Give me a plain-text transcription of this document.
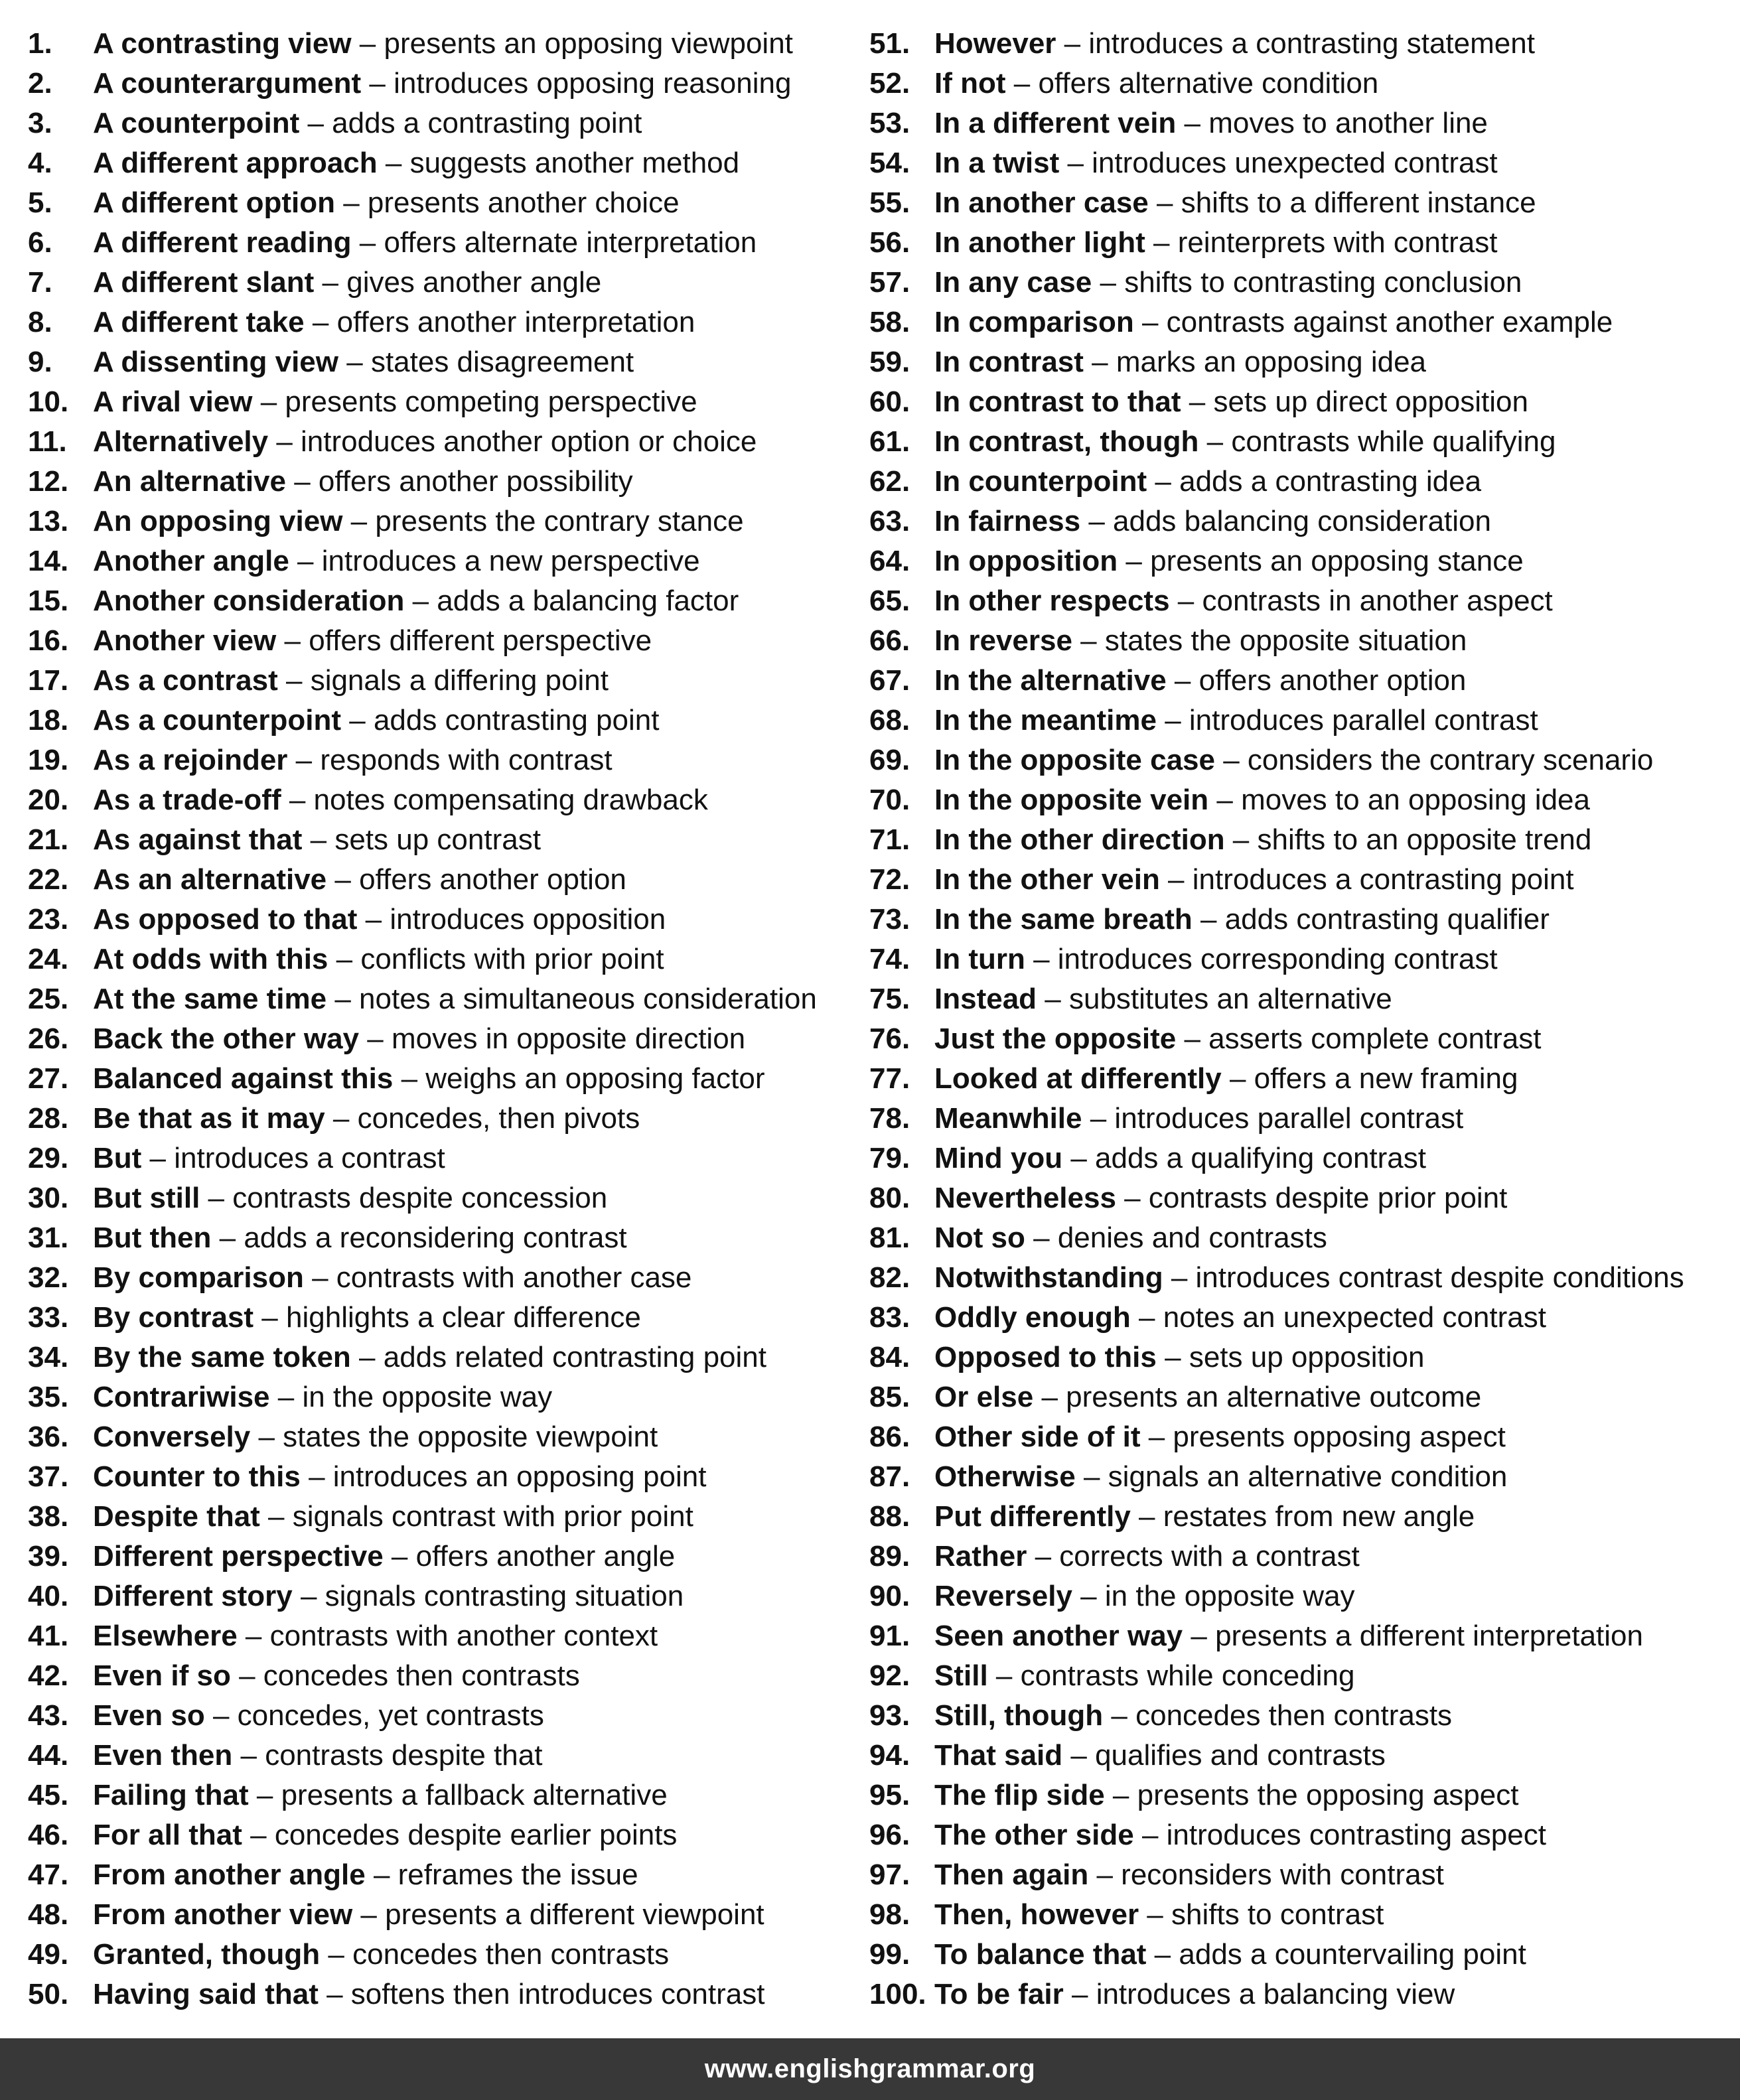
1.	A contrasting view – presents an opposing viewpoint
2.	A counterargument – introduces opposing reasoning
3.	A counterpoint – adds a contrasting point
4.	A different approach – suggests another method
5.	A different option – presents another choice
6.	A different reading – offers alternate interpretation
7.	A different slant – gives another angle
8.	A different take – offers another interpretation
9.	A dissenting view – states disagreement
10. A rival view – presents competing perspective
11. Alternatively – introduces another option or choice
12. An alternative – offers another possibility
13. An opposing view – presents the contrary stance
14. Another angle – introduces a new perspective
15. Another consideration – adds a balancing factor
16. Another view – offers different perspective
17. As a contrast – signals a differing point
18. As a counterpoint – adds contrasting point
19. As a rejoinder – responds with contrast
20. As a trade-off – notes compensating drawback
21. As against that – sets up contrast
22. As an alternative – offers another option
23. As opposed to that – introduces opposition
24. At odds with this – conflicts with prior point
25. At the same time – notes a simultaneous consideration
26. Back the other way – moves in opposite direction
27. Balanced against this – weighs an opposing factor
28. Be that as it may – concedes, then pivots
29. But – introduces a contrast
30. But still – contrasts despite concession
31. But then – adds a reconsidering contrast
32. By comparison – contrasts with another case
33. By contrast – highlights a clear difference
34. By the same token – adds related contrasting point
35. Contrariwise – in the opposite way
36. Conversely – states the opposite viewpoint
37. Counter to this – introduces an opposing point
38. Despite that – signals contrast with prior point
39. Different perspective – offers another angle
40. Different story – signals contrasting situation
41. Elsewhere – contrasts with another context
42. Even if so – concedes then contrasts
43. Even so – concedes, yet contrasts
44. Even then – contrasts despite that
45. Failing that – presents a fallback alternative
46. For all that – concedes despite earlier points
47. From another angle – reframes the issue
48. From another view – presents a different viewpoint
49. Granted, though – concedes then contrasts
50. Having said that – softens then introduces contrast
51. However – introduces a contrasting statement
52. If not – offers alternative condition
53. In a different vein – moves to another line
54. In a twist – introduces unexpected contrast
55. In another case – shifts to a different instance
56. In another light – reinterprets with contrast
57. In any case – shifts to contrasting conclusion
58. In comparison – contrasts against another example
59. In contrast – marks an opposing idea
60. In contrast to that – sets up direct opposition
61. In contrast, though – contrasts while qualifying
62. In counterpoint – adds a contrasting idea
63. In fairness – adds balancing consideration
64. In opposition – presents an opposing stance
65. In other respects – contrasts in another aspect
66. In reverse – states the opposite situation
67. In the alternative – offers another option
68. In the meantime – introduces parallel contrast
69. In the opposite case – considers the contrary scenario
70. In the opposite vein – moves to an opposing idea
71. In the other direction – shifts to an opposite trend
72. In the other vein – introduces a contrasting point
73. In the same breath – adds contrasting qualifier
74. In turn – introduces corresponding contrast
75. Instead – substitutes an alternative
76. Just the opposite – asserts complete contrast
77. Looked at differently – offers a new framing
78. Meanwhile – introduces parallel contrast
79. Mind you – adds a qualifying contrast
80. Nevertheless – contrasts despite prior point
81. Not so – denies and contrasts
82. Notwithstanding – introduces contrast despite conditions
83. Oddly enough – notes an unexpected contrast
84. Opposed to this – sets up opposition
85. Or else – presents an alternative outcome
86. Other side of it – presents opposing aspect
87. Otherwise – signals an alternative condition
88. Put differently – restates from new angle
89. Rather – corrects with a contrast
90. Reversely – in the opposite way
91. Seen another way – presents a different interpretation
92. Still – contrasts while conceding
93. Still, though – concedes then contrasts
94. That said – qualifies and contrasts
95. The flip side – presents the opposing aspect
96. The other side – introduces contrasting aspect
97. Then again – reconsiders with contrast
98. Then, however – shifts to contrast
99. To balance that – adds a countervailing point
100. To be fair – introduces a balancing view
www.englishgrammar.org
